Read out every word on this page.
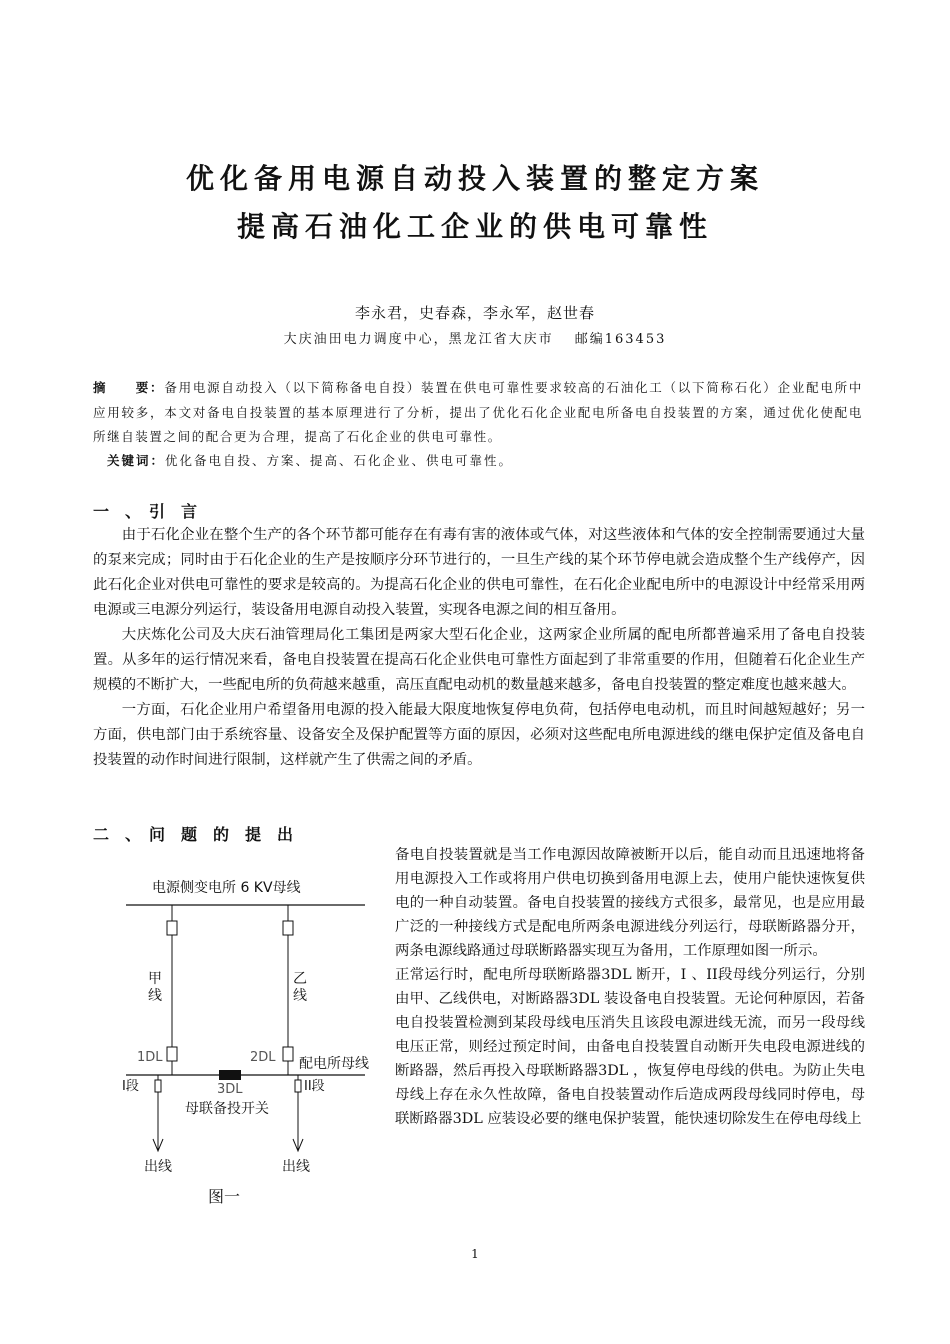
优化备用电源自动投入装置的整定方案
提高石油化工企业的供电可靠性
李永君，史春森，李永军，赵世春
大庆油田电力调度中心，黑龙江省大庆市　 邮编163453
摘　　要：备用电源自动投入（以下简称备电自投）装置在供电可靠性要求较高的石油化工（以下简称石化）企业配电所中应用较多，本文对备电自投装置的基本原理进行了分析，提出了优化石化企业配电所备电自投装置的方案，通过优化使配电所继自装置之间的配合更为合理，提高了石化企业的供电可靠性。
关键词：优化备电自投、方案、提高、石化企业、供电可靠性。
一　、　引　言

由于石化企业在整个生产的各个环节都可能存在有毒有害的液体或气体，对这些液体和气体的安全控制需要通过大量的泵来完成；同时由于石化企业的生产是按顺序分环节进行的，一旦生产线的某个环节停电就会造成整个生产线停产，因此石化企业对供电可靠性的要求是较高的。为提高石化企业的供电可靠性，在石化企业配电所中的电源设计中经常采用两电源或三电源分列运行，装设备用电源自动投入装置，实现各电源之间的相互备用。

大庆炼化公司及大庆石油管理局化工集团是两家大型石化企业，这两家企业所属的配电所都普遍采用了备电自投装置。从多年的运行情况来看，备电自投装置在提高石化企业供电可靠性方面起到了非常重要的作用，但随着石化企业生产规模的不断扩大，一些配电所的负荷越来越重，高压直配电动机的数量越来越多，备电自投装置的整定难度也越来越大。

一方面，石化企业用户希望备用电源的投入能最大限度地恢复停电负荷，包括停电电动机，而且时间越短越好；另一方面，供电部门由于系统容量、设备安全及保护配置等方面的原因，必须对这些配电所电源进线的继电保护定值及备电自投装置的动作时间进行限制，这样就产生了供需之间的矛盾。

二　、　问　题　的　提　出
电源侧变电所 6 KV母线
甲
线
1DL
乙
线
2DL 配电所母线
3DL
I段	II段
母联备投开关
出线	出线
图一

备电自投装置就是当工作电源因故障被断开以后，能自动而且迅速地将备用电源投入工作或将用户供电切换到备用电源上去，使用户能快速恢复供电的一种自动装置。备电自投装置的接线方式很多，最常见，也是应用最广泛的一种接线方式是配电所两条电源进线分列运行，母联断路器分开，两条电源线路通过母联断路器实现互为备用，工作原理如图一所示。

正常运行时，配电所母联断路器3DL 断开，Ⅰ 、II段母线分列运行，分别由甲、乙线供电，对断路器3DL 装设备电自投装置。无论何种原因，若备电自投装置检测到某段母线电压消失且该段电源进线无流，而另一段母线电压正常，则经过预定时间，由备电自投装置自动断开失电段电源进线的断路器，然后再投入母联断路器3DL ，恢复停电母线的供电。为防止失电母线上存在永久性故障，备电自投装置动作后造成两段母线同时停电，母联断路器3DL 应装设必要的继电保护装置，能快速切除发生在停电母线上

1
